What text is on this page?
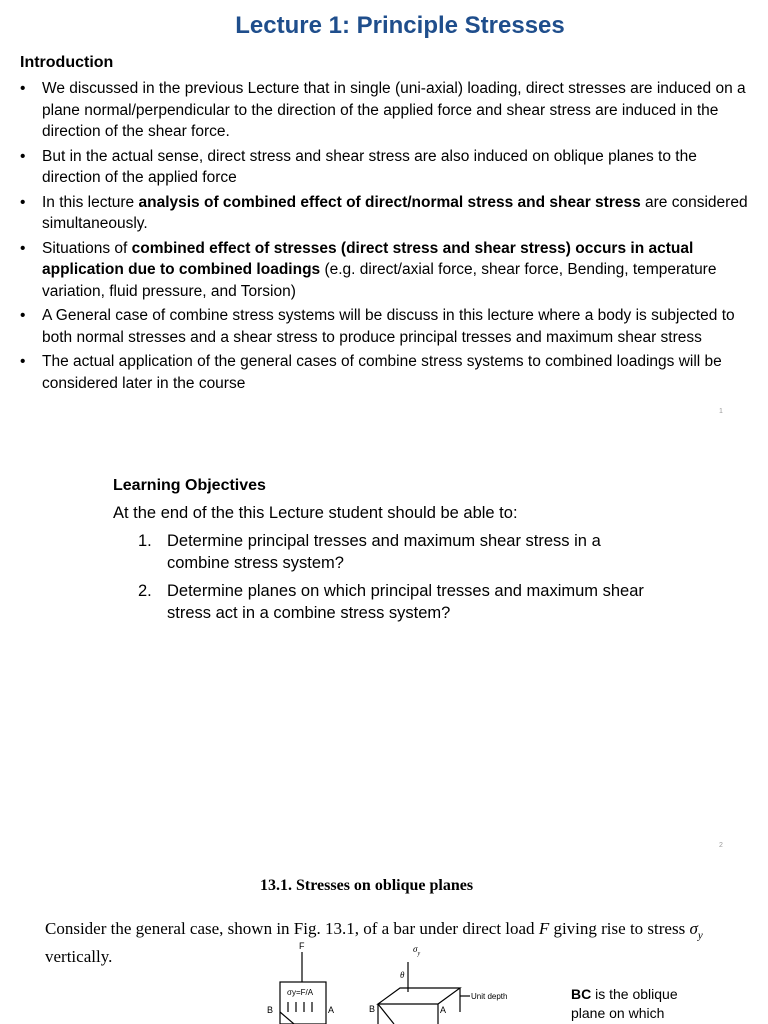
Lecture 1: Principle Stresses
Introduction
• We discussed in the previous Lecture that in single (uni-axial) loading, direct stresses are induced on a plane normal/perpendicular to the direction of the applied force and shear stress are induced in the direction of the shear force.
• But in the actual sense, direct stress and shear stress are also induced on oblique planes to the direction of the applied force
• In this lecture analysis of combined effect of direct/normal stress and shear stress are considered simultaneously.
• Situations of combined effect of stresses (direct stress and shear stress) occurs in actual application due to combined loadings (e.g. direct/axial force, shear force, Bending, temperature variation, fluid pressure, and Torsion)
• A General case of combine stress systems will be discuss in this lecture where a body is subjected to both normal stresses and a shear stress to produce principal tresses and maximum shear stress
• The actual application of the general cases of combine stress systems to combined loadings will be considered later in the course
1
Learning Objectives
At the end of the this Lecture student should be able to:
1. Determine principal tresses and maximum shear stress in a combine stress system?
2. Determine planes on which principal tresses and maximum shear stress act in a combine stress system?
2
13.1. Stresses on oblique planes
Consider the general case, shown in Fig. 13.1, of a bar under direct load F giving rise to stress $\sigma_y$ vertically.
F
σy=F/A
B	A
$\sigma_y$
θ
Unit depth
B	A
BC is the oblique
plane on which
